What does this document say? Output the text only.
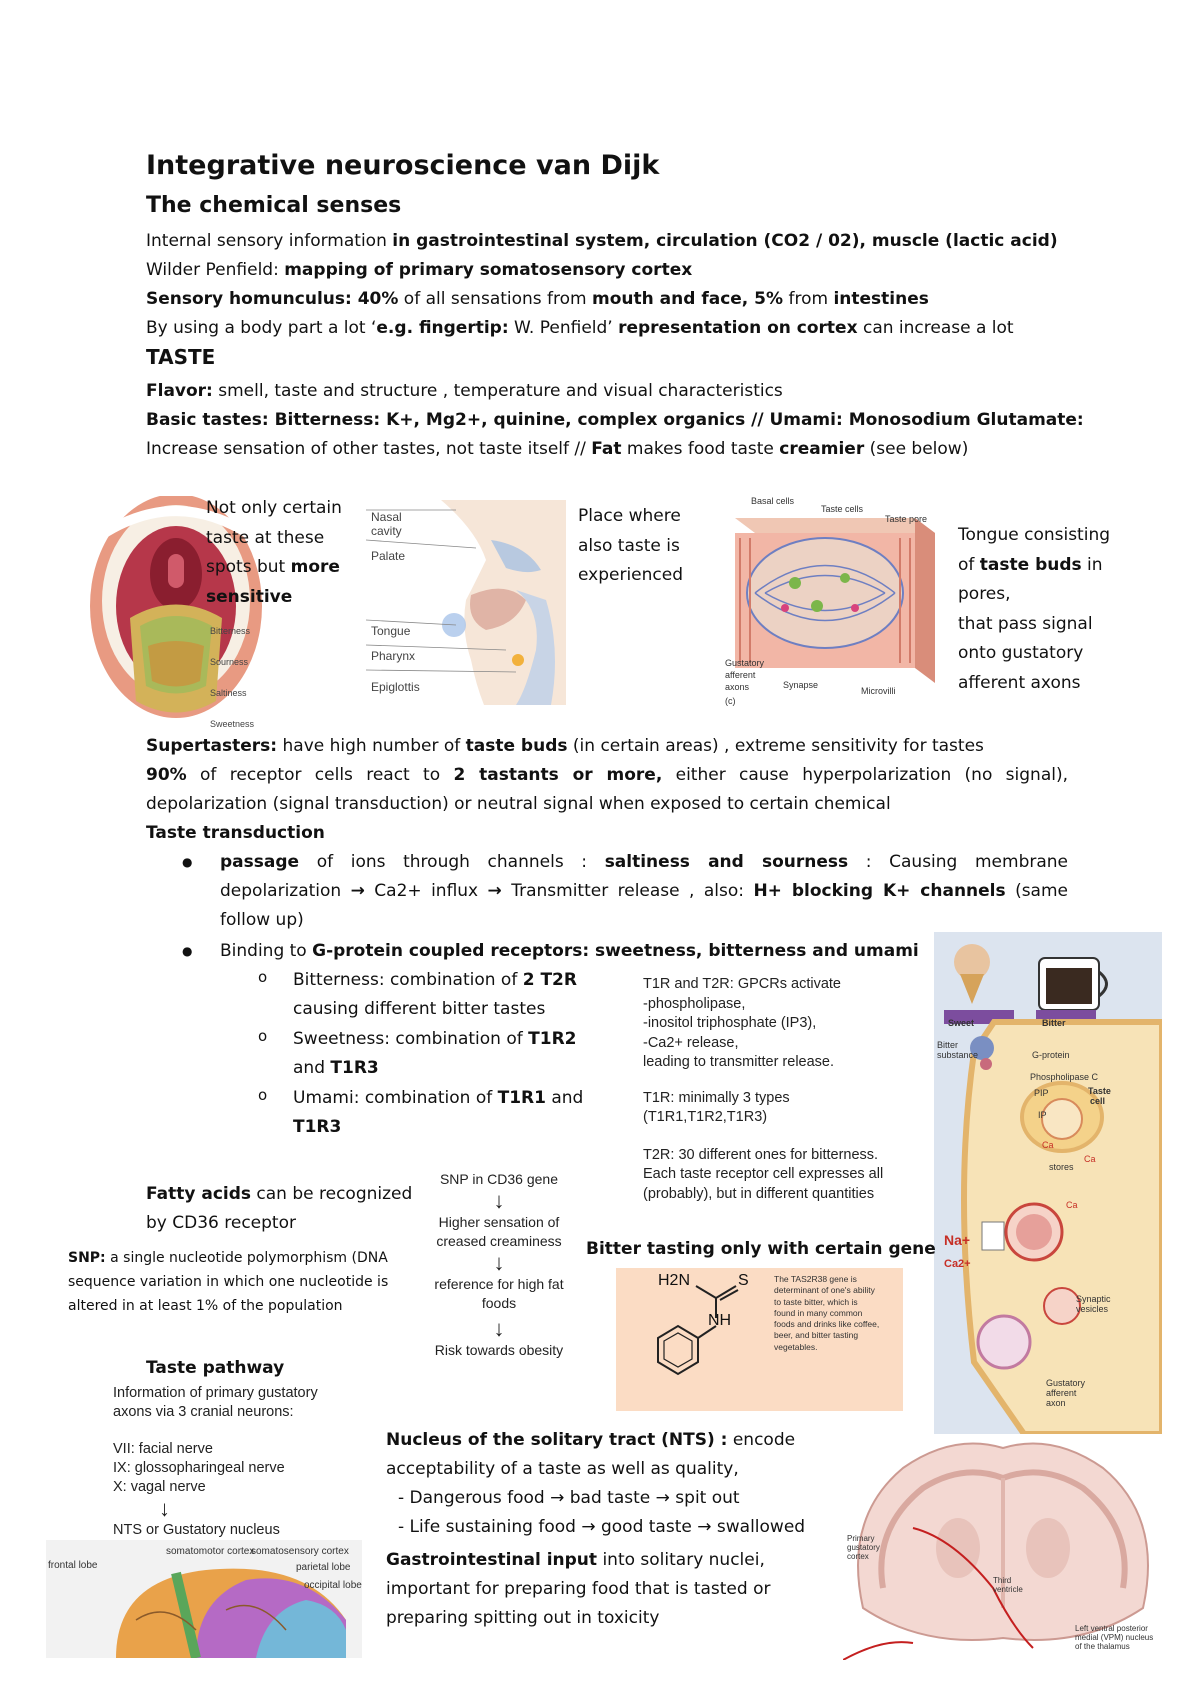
Integrative neuroscience van Dijk
The chemical senses
Internal sensory information in gastrointestinal system, circulation (CO2 / 02), muscle (lactic acid)
Wilder Penfield: mapping of primary somatosensory cortex
Sensory homunculus: 40% of all sensations from mouth and face, 5% from intestines
By using a body part a lot ‘e.g. fingertip: W. Penfield’ representation on cortex can increase a lot
TASTE
Flavor: smell, taste and structure , temperature and visual characteristics
Basic tastes: Bitterness: K+, Mg2+, quinine, complex organics // Umami: Monosodium Glutamate:
Increase sensation of other tastes, not taste itself // Fat makes food taste creamier (see below)
Not only certain
taste at these
spots but more
sensitive
Bitterness
Sourness
Saltiness
Sweetness
Nasal cavity
Palate
Tongue
Pharynx
Epiglottis
Place where
also taste is
experienced
Basal cells
Taste cells
Taste pore
Gustatory
afferent
axons	Synapse
Microvilli
(c)
Tongue consisting
of taste buds in
pores,
that pass signal
onto gustatory
afferent axons
Supertasters: have high number of taste buds (in certain areas) , extreme sensitivity for tastes
90% of receptor cells react to 2 tastants or more, either cause hyperpolarization (no signal),
depolarization (signal transduction) or neutral signal when exposed to certain chemical
Taste transduction
● passage of ions through channels : saltiness and sourness : Causing membrane
depolarization → Ca2+ influx → Transmitter release , also: H+ blocking K+ channels (same
follow up)
● Binding to G-protein coupled receptors: sweetness, bitterness and umami
o Bitterness: combination of 2 T2R
causing different bitter tastes
o Sweetness: combination of T1R2
and T1R3
o Umami: combination of T1R1 and
T1R3
T1R and T2R: GPCRs activate
-phospholipase,
-inositol triphosphate (IP3),
-Ca2+ release,
leading to transmitter release.
T1R: minimally 3 types
(T1R1,T1R2,T1R3)
T2R: 30 different ones for bitterness.
Each taste receptor cell expresses all
(probably), but in different quantities
Sweet	Bitter
Bitter
substance	G-protein
Phospholipase C
PIP	Taste
cell
IP
Ca
Ca
stores
Ca
Na+
Ca2+
Synaptic
vesicles
Gustatory
afferent
axon
Fatty acids can be recognized
by CD36 receptor
SNP: a single nucleotide polymorphism (DNA
sequence variation in which one nucleotide is
altered in at least 1% of the population
SNP in CD36 gene
↓
Higher sensation of
creased creaminess
↓
reference for high fat
foods
↓
Risk towards obesity
Bitter tasting only with certain gene
H2N	S
NH
The TAS2R38 gene is
determinant of one's ability
to taste bitter, which is
found in many common
foods and drinks like coffee,
beer, and bitter tasting
vegetables.
Taste pathway
Information of primary gustatory
axons via 3 cranial neurons:
VII: facial nerve
IX: glossopharingeal nerve
X: vagal nerve
↓
NTS or Gustatory nucleus
somatomotor cortex
somatosensory cortex
frontal lobe	parietal lobe
occipital lobe
Nucleus of the solitary tract (NTS) : encode
acceptability of a taste as well as quality,
- Dangerous food → bad taste → spit out
- Life sustaining food → good taste → swallowed
Gastrointestinal input into solitary nuclei,
important for preparing food that is tasted or
preparing spitting out in toxicity
Primary
gustatory
cortex
Third
ventricle
Left ventral posterior
medial (VPM) nucleus
of the thalamus
